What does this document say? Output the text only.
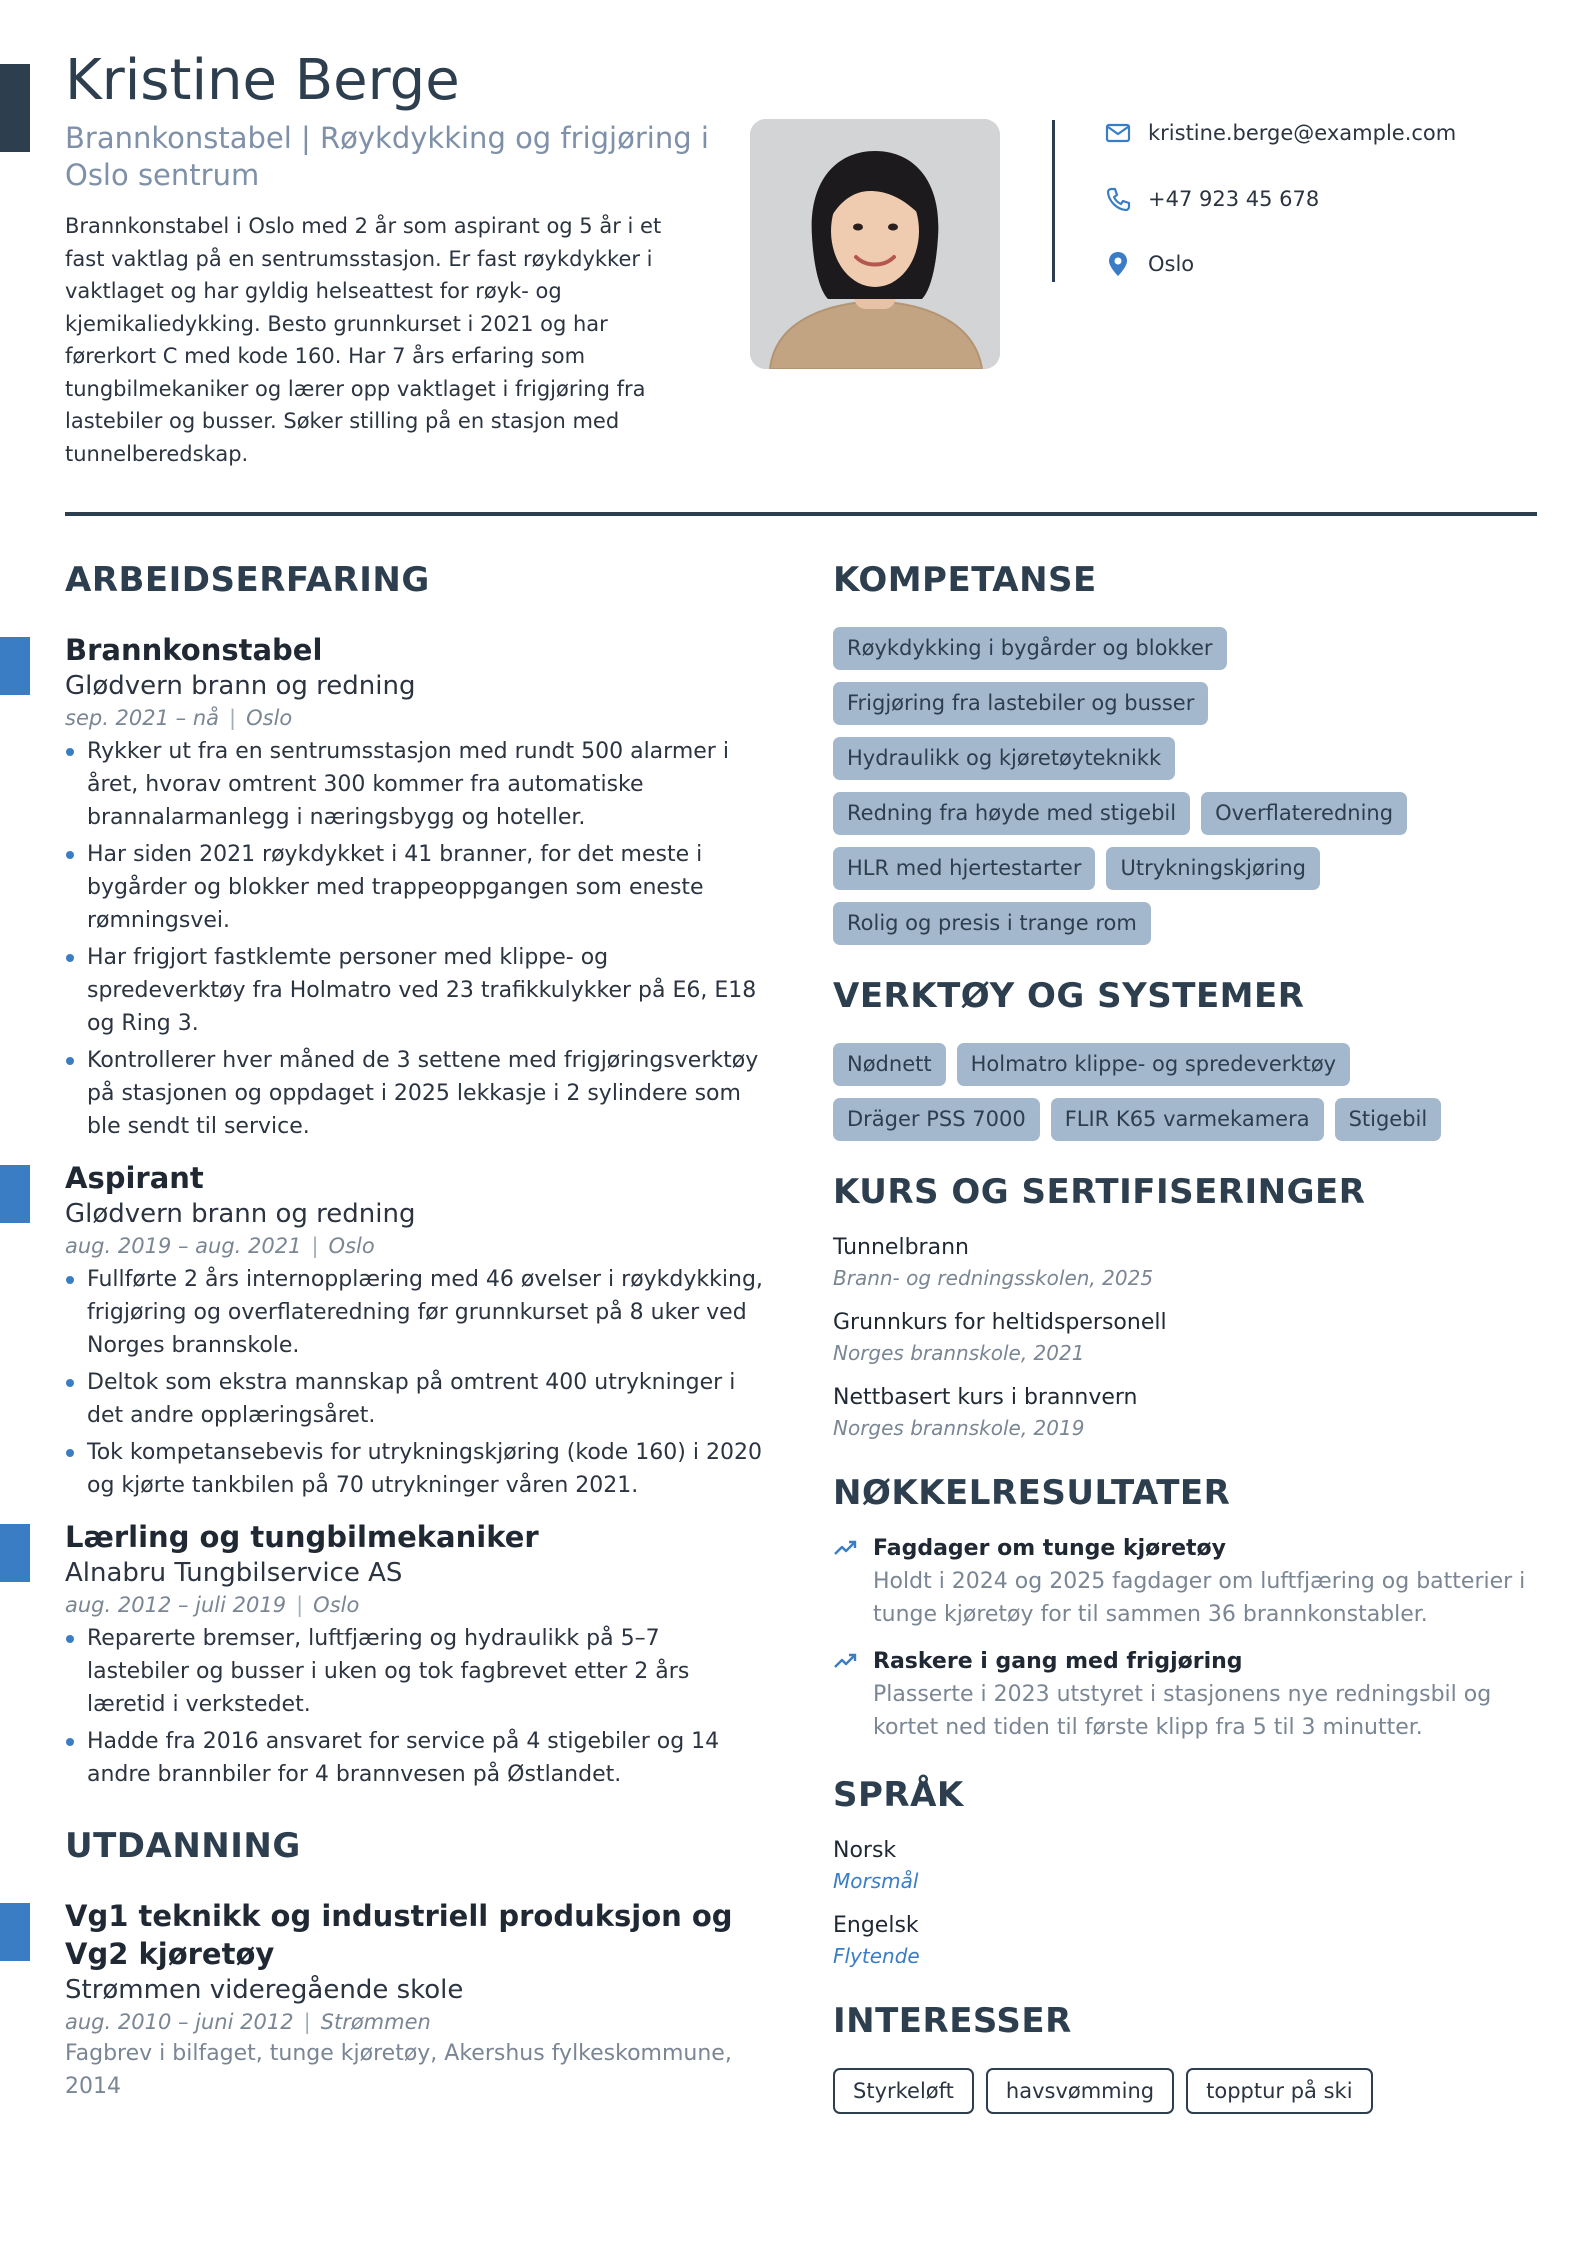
Kristine Berge
Brannkonstabel | Røykdykking og frigjøring i Oslo sentrum

Brannkonstabel i Oslo med 2 år som aspirant og 5 år i et fast vaktlag på en sentrumsstasjon. Er fast røykdykker i vaktlaget og har gyldig helseattest for røyk- og kjemikaliedykking. Besto grunnkurset i 2021 og har førerkort C med kode 160. Har 7 års erfaring som tungbilmekaniker og lærer opp vaktlaget i frigjøring fra lastebiler og busser. Søker stilling på en stasjon med tunnelberedskap.

kristine.berge@example.com
+47 923 45 678
Oslo
ARBEIDSERFARING
Brannkonstabel
Glødvern brann og redning
sep. 2021 – nå | Oslo
Rykker ut fra en sentrumsstasjon med rundt 500 alarmer i året, hvorav omtrent 300 kommer fra automatiske brannalarmanlegg i næringsbygg og hoteller.
Har siden 2021 røykdykket i 41 branner, for det meste i bygårder og blokker med trappeoppgangen som eneste rømningsvei.
Har frigjort fastklemte personer med klippe- og spredeverktøy fra Holmatro ved 23 trafikkulykker på E6, E18 og Ring 3.
Kontrollerer hver måned de 3 settene med frigjøringsverktøy på stasjonen og oppdaget i 2025 lekkasje i 2 sylindere som ble sendt til service.
Aspirant
Glødvern brann og redning
aug. 2019 – aug. 2021 | Oslo
Fullførte 2 års internopplæring med 46 øvelser i røykdykking, frigjøring og overflateredning før grunnkurset på 8 uker ved Norges brannskole.
Deltok som ekstra mannskap på omtrent 400 utrykninger i det andre opplæringsåret.
Tok kompetansebevis for utrykningskjøring (kode 160) i 2020 og kjørte tankbilen på 70 utrykninger våren 2021.
Lærling og tungbilmekaniker
Alnabru Tungbilservice AS
aug. 2012 – juli 2019 | Oslo
Reparerte bremser, luftfjæring og hydraulikk på 5–7 lastebiler og busser i uken og tok fagbrevet etter 2 års læretid i verkstedet.
Hadde fra 2016 ansvaret for service på 4 stigebiler og 14 andre brannbiler for 4 brannvesen på Østlandet.
UTDANNING
Vg1 teknikk og industriell produksjon og Vg2 kjøretøy
Strømmen videregående skole
aug. 2010 – juni 2012 | Strømmen
Fagbrev i bilfaget, tunge kjøretøy, Akershus fylkeskommune, 2014
KOMPETANSE
Røykdykking i bygårder og blokker
Frigjøring fra lastebiler og busser
Hydraulikk og kjøretøyteknikk
Redning fra høyde med stigebil	Overflateredning
HLR med hjertestarter	Utrykningskjøring
Rolig og presis i trange rom
VERKTØY OG SYSTEMER
Nødnett	Holmatro klippe- og spredeverktøy
Dräger PSS 7000	FLIR K65 varmekamera	Stigebil
KURS OG SERTIFISERINGER
Tunnelbrann
Brann- og redningsskolen, 2025
Grunnkurs for heltidspersonell
Norges brannskole, 2021
Nettbasert kurs i brannvern
Norges brannskole, 2019
NØKKELRESULTATER
Fagdager om tunge kjøretøy
Holdt i 2024 og 2025 fagdager om luftfjæring og batterier i tunge kjøretøy for til sammen 36 brannkonstabler.
Raskere i gang med frigjøring
Plasserte i 2023 utstyret i stasjonens nye redningsbil og kortet ned tiden til første klipp fra 5 til 3 minutter.
SPRÅK
Norsk
Morsmål
Engelsk
Flytende
INTERESSER
Styrkeløft	havsvømming	topptur på ski
